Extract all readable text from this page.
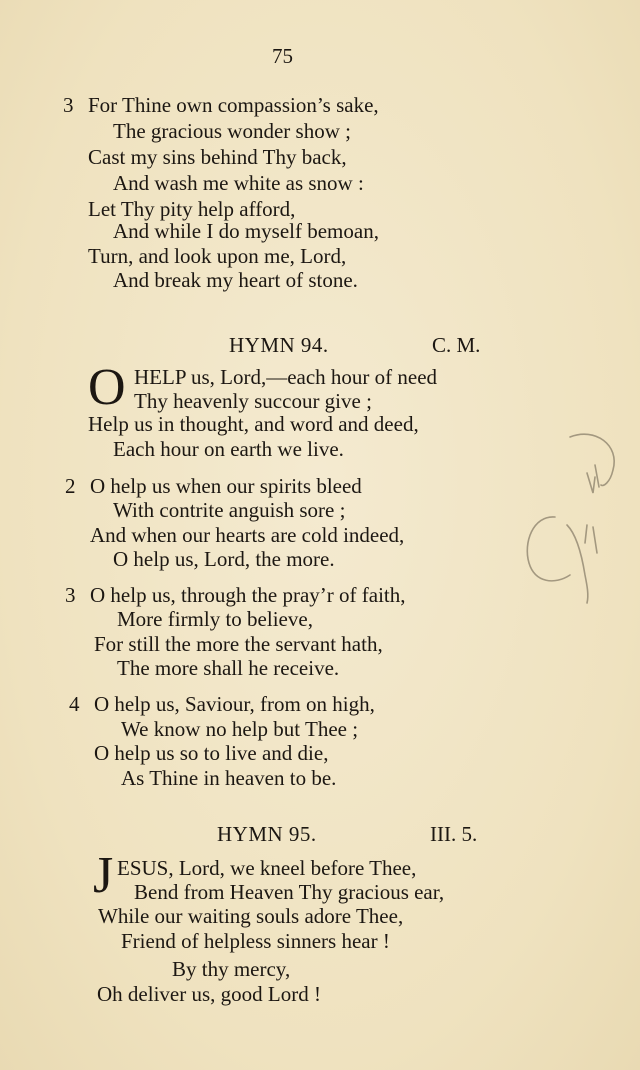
75
3 For Thine own compassion’s sake,
The gracious wonder show ;
Cast my sins behind Thy back,
And wash me white as snow :
Let Thy pity help afford,
And while I do myself bemoan,
Turn, and look upon me, Lord,
And break my heart of stone.
HYMN 94.	C. M.
O HELP us, Lord,—each hour of need
Thy heavenly succour give ;
Help us in thought, and word and deed,
Each hour on earth we live.
2 O help us when our spirits bleed
With contrite anguish sore ;
And when our hearts are cold indeed,
O help us, Lord, the more.
3 O help us, through the pray’r of faith,
More firmly to believe,
For still the more the servant hath,
The more shall he receive.
4 O help us, Saviour, from on high,
We know no help but Thee ;
O help us so to live and die,
As Thine in heaven to be.
HYMN 95.	III. 5.
J ESUS, Lord, we kneel before Thee,
Bend from Heaven Thy gracious ear,
While our waiting souls adore Thee,
Friend of helpless sinners hear !
By thy mercy,
Oh deliver us, good Lord !
